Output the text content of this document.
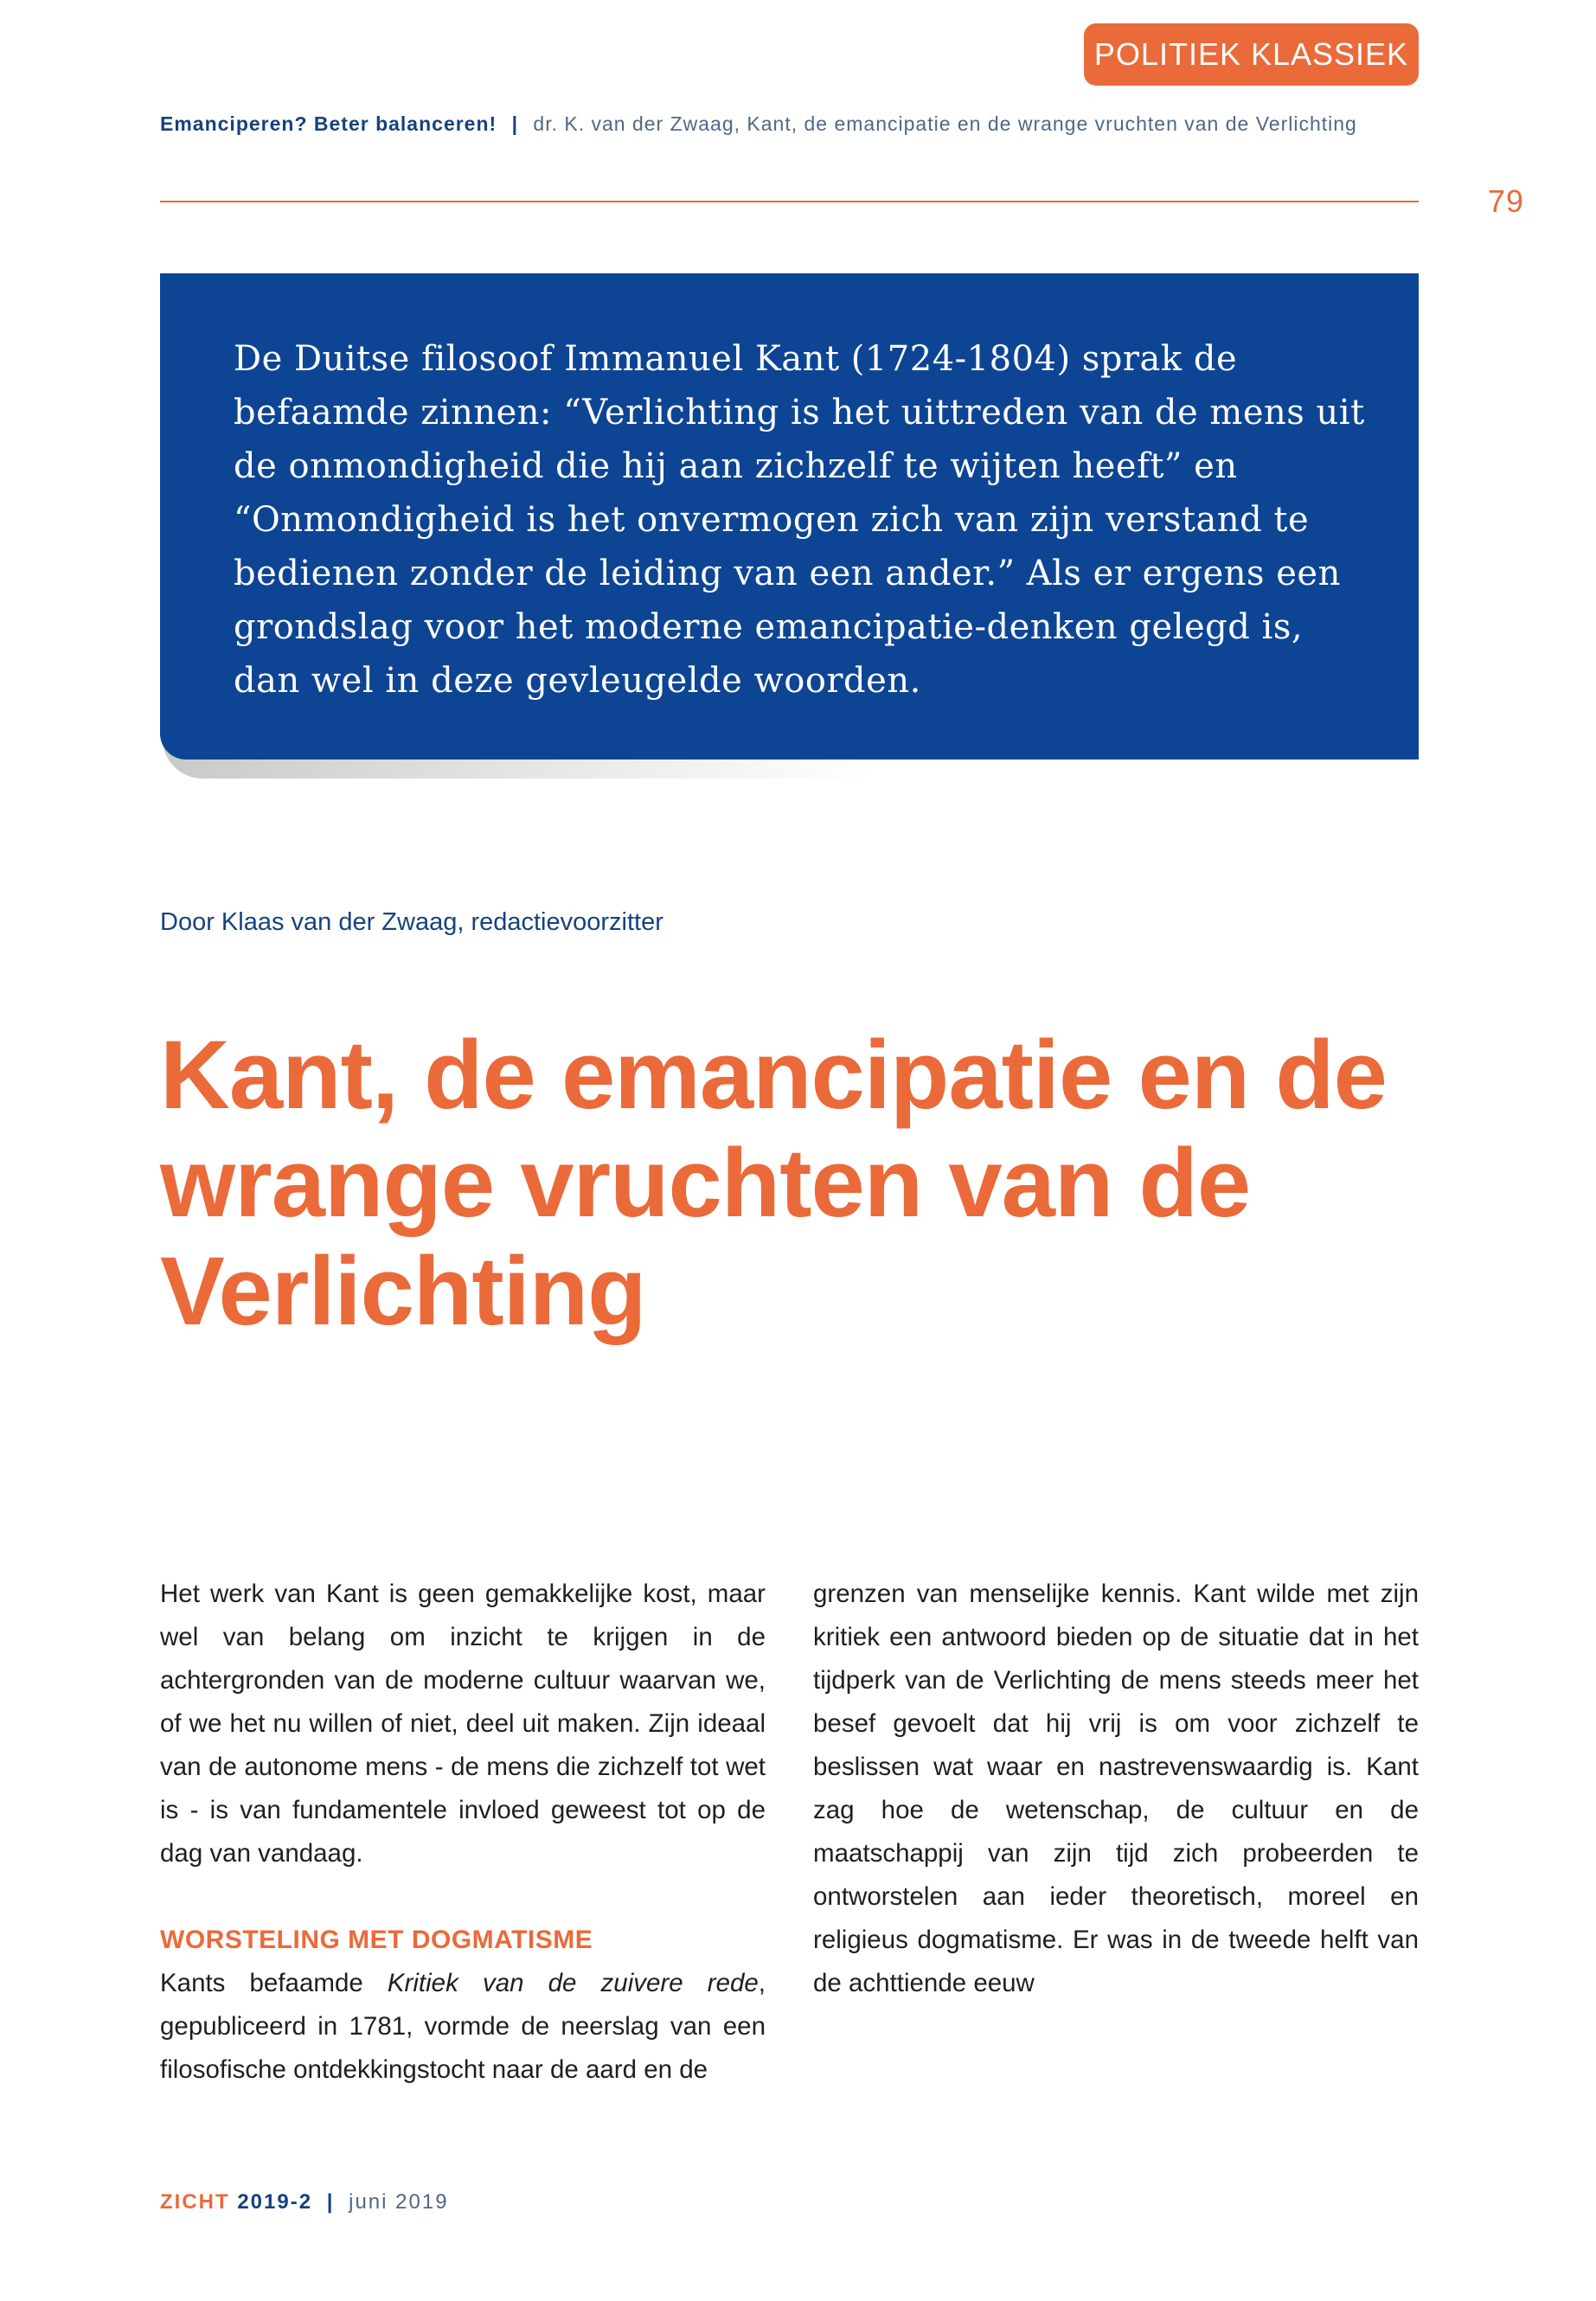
POLITIEK KLASSIEK
Emanciperen? Beter balanceren! | dr. K. van der Zwaag, Kant, de emancipatie en de wrange vruchten van de Verlichting
79

De Duitse filosoof Immanuel Kant (1724-1804) sprak de befaamde zinnen: “Verlichting is het uittreden van de mens uit de onmondigheid die hij aan zichzelf te wijten heeft” en “Onmondigheid is het onvermogen zich van zijn verstand te bedienen zonder de leiding van een ander.” Als er ergens een grondslag voor het moderne emancipatie-denken gelegd is, dan wel in deze gevleugelde woorden.

Door Klaas van der Zwaag, redactievoorzitter
Kant, de emancipatie en de wrange vruchten van de Verlichting

Het werk van Kant is geen gemakkelijke kost, maar wel van belang om inzicht te krijgen in de achtergronden van de moderne cultuur waarvan we, of we het nu willen of niet, deel uit maken. Zijn ideaal van de autonome mens - de mens die zichzelf tot wet is - is van fundamentele invloed geweest tot op de dag van vandaag.

WORSTELING MET DOGMATISME

Kants befaamde Kritiek van de zuivere rede, gepubliceerd in 1781, vormde de neerslag van een filosofische ontdekkingstocht naar de aard en de

grenzen van menselijke kennis. Kant wilde met zijn kritiek een antwoord bieden op de situatie dat in het tijdperk van de Verlichting de mens steeds meer het besef gevoelt dat hij vrij is om voor zichzelf te beslissen wat waar en nastrevenswaardig is. Kant zag hoe de wetenschap, de cultuur en de maatschappij van zijn tijd zich probeerden te ontworstelen aan ieder theoretisch, moreel en religieus dogmatisme. Er was in de tweede helft van de achttiende eeuw

ZICHT 2019-2 | juni 2019
